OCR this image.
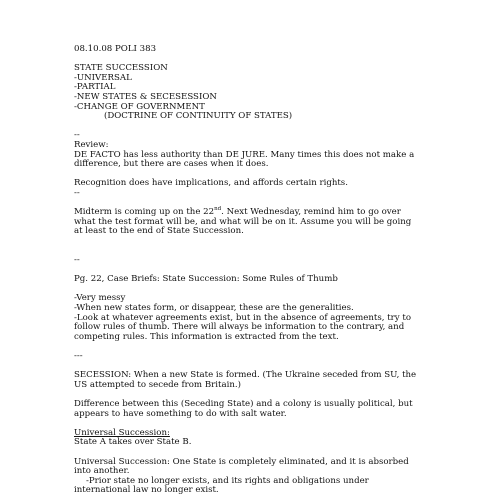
08.10.08 POLI 383
STATE SUCCESSION
-UNIVERSAL
-PARTIAL
-NEW STATES & SECESESSION
-CHANGE OF GOVERNMENT
(DOCTRINE OF CONTINUITY OF STATES)
--
Review:

DE FACTO has less authority than DE JURE. Many times this does not make a difference, but there are cases when it does.

Recognition does have implications, and affords certain rights.

--

Midterm is coming up on the 22nd. Next Wednesday, remind him to go over what the test format will be, and what will be on it. Assume you will be going at least to the end of State Succession.

--
Pg. 22, Case Briefs: State Succession: Some Rules of Thumb

-Very messy

-When new states form, or disappear, these are the generalities.

-Look at whatever agreements exist, but in the absence of agreements, try to follow rules of thumb. There will always be information to the contrary, and competing rules. This information is extracted from the text.

---

SECESSION: When a new State is formed. (The Ukraine seceded from SU, the US attempted to secede from Britain.)

Difference between this (Seceding State) and a colony is usually political, but appears to have something to do with salt water.

Universal Succession:
State A takes over State B.

Universal Succession: One State is completely eliminated, and it is absorbed into another.

-Prior state no longer exists, and its rights and obligations under international law no longer exist.
